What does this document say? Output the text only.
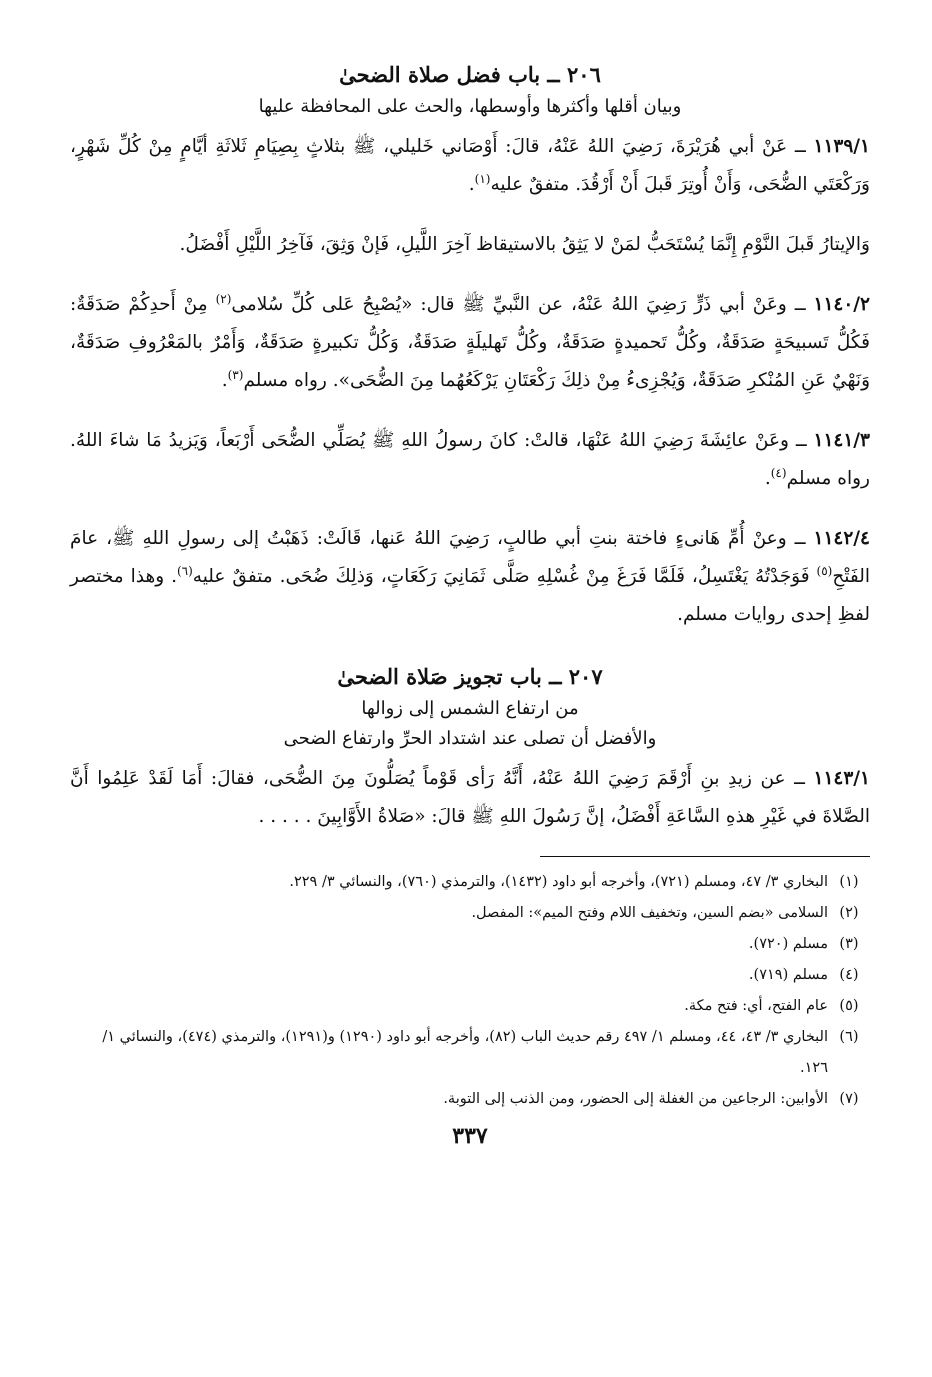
٢٠٦ ــ باب فضل صلاة الضحىٰ

وبيان أقلها وأكثرها وأوسطها، والحث على المحافظة عليها

١١٣٩/١ ــ عَنْ أبي هُرَيْرَةَ، رَضِيَ اللهُ عَنْهُ، قالَ: أَوْصَاني خَليلي، ﷺ بثلاثٍ بِصِيَامِ ثَلاثَةِ أيَّامٍ مِنْ كُلِّ شَهْرٍ، وَرَكْعَتَي الضُّحَى، وَأَنْ أُوتِرَ قَبلَ أَنْ أَرْقُدَ. متفقٌ عليه$^{(١)}$.

وَالإيتارُ قَبلَ النَّوْمِ إِنَّمَا يُسْتَحَبُّ لمَنْ لا يَثِقُ بالاستيقاظ آخِرَ اللَّيلِ، فَإنْ وَثِقَ، فَآخِرُ اللَّيْلِ أَفْضَلُ.

١١٤٠/٢ ــ وعَنْ أبي ذَرٍّ رَضِيَ اللهُ عَنْهُ، عن النَّبيِّ ﷺ قال: «يُصْبِحُ عَلى كُلِّ سُلامى$^{(٢)}$ مِنْ أَحدِكُمْ صَدَقَةٌ: فَكُلُّ تَسبيحَةٍ صَدَقَةٌ، وكُلُّ تَحميدةٍ صَدَقَةٌ، وكُلُّ تَهليلَةٍ صَدَقَةٌ، وَكُلُّ تكبيرةٍ صَدَقَةٌ، وَأَمْرٌ بالمَعْرُوفِ صَدَقَةٌ، وَنَهْيٌ عَنِ المُنْكرِ صَدَقَةٌ، وَيُجْزِىءُ مِنْ ذلِكَ رَكْعَتَانِ يَرْكَعُهُما مِنَ الضُّحَى». رواه مسلم$^{(٣)}$.

١١٤١/٣ ــ وعَنْ عائِشَةَ رَضِيَ اللهُ عَنْهَا، قالتْ: كانَ رسولُ اللهِ ﷺ يُصَلِّي الضُّحَى أَرْبَعاً، وَيَزيدُ مَا شاءَ اللهُ. رواه مسلم$^{(٤)}$.

١١٤٢/٤ ــ وعنْ أُمِّ هَانىءٍ فاختة بنتِ أبي طالبٍ، رَضِيَ اللهُ عَنها، قَالَتْ: ذَهَبْتُ إلى رسولِ اللهِ ﷺ، عامَ الفَتْحِ$^{(٥)}$ فَوَجَدْتُهُ يَغْتَسِلُ، فَلَمَّا فَرَغَ مِنْ غُسْلِهِ صَلَّى ثَمَانِيَ رَكَعَاتٍ، وَذلِكَ ضُحَى. متفقٌ عليه$^{(٦)}$. وهذا مختصر لفظِ إحدى روايات مسلم.

٢٠٧ ــ باب تجويز صَلاة الضحىٰ

من ارتفاع الشمس إلى زوالها

والأفضل أن تصلى عند اشتداد الحرِّ وارتفاع الضحى

١١٤٣/١ ــ عن زيدِ بنِ أَرْقَمَ رَضِيَ اللهُ عَنْهُ، أَنَّهُ رَأى قَوْماً يُصَلُّونَ مِنَ الضُّحَى، فقالَ: أَمَا لَقَدْ عَلِمُوا أَنَّ الصَّلاةَ في غَيْرِ هذهِ السَّاعَةِ أَفْضَلُ، إنَّ رَسُولَ اللهِ ﷺ قالَ: «صَلاةُ الأَوَّابِينَ . . . . .

(١)
البخاري ٣/ ٤٧، ومسلم (٧٢١)، وأخرجه أبو داود (١٤٣٢)، والترمذي (٧٦٠)، والنسائي ٣/ ٢٢٩.
(٢)
السلامى «بضم السين، وتخفيف اللام وفتح الميم»: المفصل.
(٣)
مسلم (٧٢٠).
(٤)
مسلم (٧١٩).
(٥)
عام الفتح، أي: فتح مكة.
(٦)
البخاري ٣/ ٤٣، ٤٤، ومسلم ١/ ٤٩٧ رقم حديث الباب (٨٢)، وأخرجه أبو داود (١٢٩٠) و(١٢٩١)، والترمذي (٤٧٤)، والنسائي ١/ ١٢٦.
(٧)
الأوابين: الرجاعين من الغفلة إلى الحضور، ومن الذنب إلى التوبة.
٣٣٧
